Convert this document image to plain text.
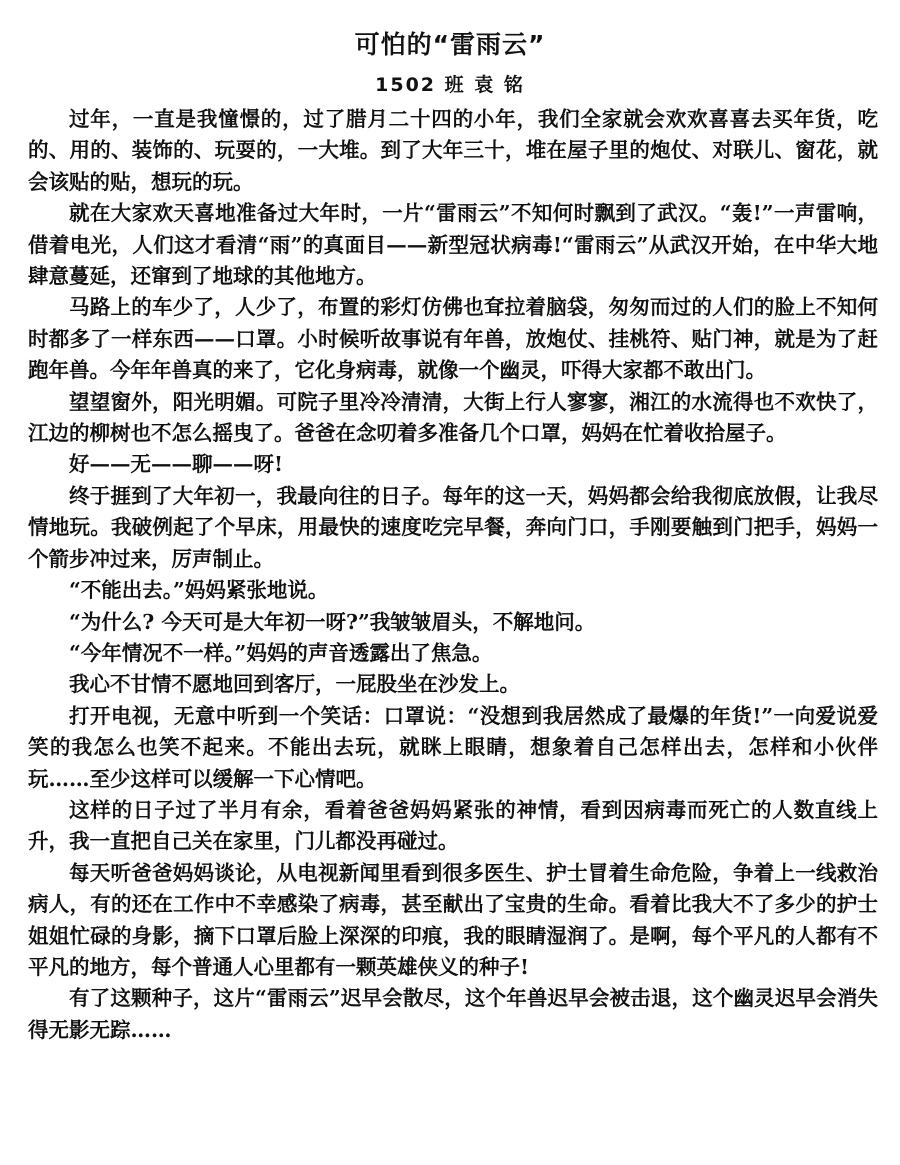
可怕的“雷雨云”
1502 班 袁 铭

过年，一直是我憧憬的，过了腊月二十四的小年，我们全家就会欢欢喜喜去买年货，吃的、用的、装饰的、玩耍的，一大堆。到了大年三十，堆在屋子里的炮仗、对联儿、窗花，就会该贴的贴，想玩的玩。

就在大家欢天喜地准备过大年时，一片“雷雨云”不知何时飘到了武汉。“轰!”一声雷响，借着电光，人们这才看清“雨”的真面目——新型冠状病毒!“雷雨云”从武汉开始，在中华大地肆意蔓延，还窜到了地球的其他地方。

马路上的车少了，人少了，布置的彩灯仿佛也耷拉着脑袋，匆匆而过的人们的脸上不知何时都多了一样东西——口罩。小时候听故事说有年兽，放炮仗、挂桃符、贴门神，就是为了赶跑年兽。今年年兽真的来了，它化身病毒，就像一个幽灵，吓得大家都不敢出门。

望望窗外，阳光明媚。可院子里冷冷清清，大街上行人寥寥，湘江的水流得也不欢快了，江边的柳树也不怎么摇曳了。爸爸在念叨着多准备几个口罩，妈妈在忙着收拾屋子。

好——无——聊——呀!

终于捱到了大年初一，我最向往的日子。每年的这一天，妈妈都会给我彻底放假，让我尽情地玩。我破例起了个早床，用最快的速度吃完早餐，奔向门口，手刚要触到门把手，妈妈一个箭步冲过来，厉声制止。

“不能出去。”妈妈紧张地说。

“为什么? 今天可是大年初一呀?”我皱皱眉头，不解地问。

“今年情况不一样。”妈妈的声音透露出了焦急。

我心不甘情不愿地回到客厅，一屁股坐在沙发上。

打开电视，无意中听到一个笑话：口罩说：“没想到我居然成了最爆的年货!”一向爱说爱笑的我怎么也笑不起来。不能出去玩，就眯上眼睛，想象着自己怎样出去，怎样和小伙伴玩……至少这样可以缓解一下心情吧。

这样的日子过了半月有余，看着爸爸妈妈紧张的神情，看到因病毒而死亡的人数直线上升，我一直把自己关在家里，门儿都没再碰过。

每天听爸爸妈妈谈论，从电视新闻里看到很多医生、护士冒着生命危险，争着上一线救治病人，有的还在工作中不幸感染了病毒，甚至献出了宝贵的生命。看着比我大不了多少的护士姐姐忙碌的身影，摘下口罩后脸上深深的印痕，我的眼睛湿润了。是啊，每个平凡的人都有不平凡的地方，每个普通人心里都有一颗英雄侠义的种子!

有了这颗种子，这片“雷雨云”迟早会散尽，这个年兽迟早会被击退，这个幽灵迟早会消失得无影无踪……
